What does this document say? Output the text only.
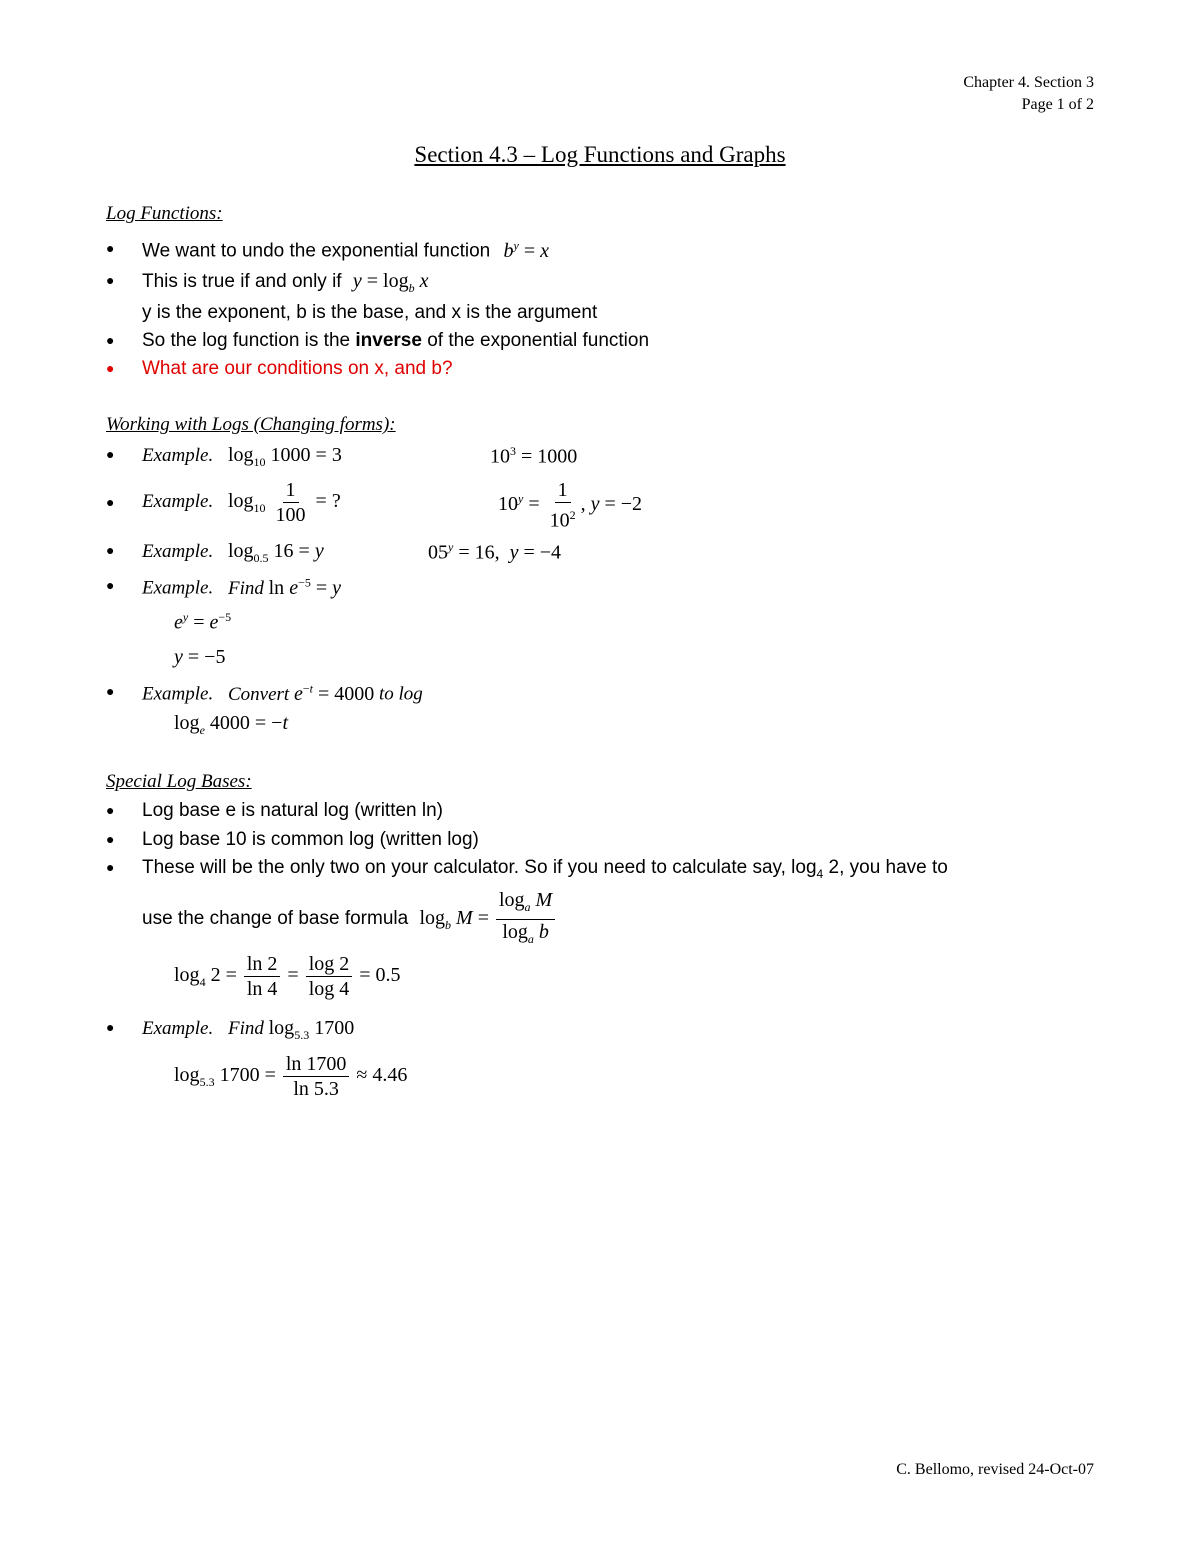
Chapter 4. Section 3
Page 1 of 2
Section 4.3 – Log Functions and Graphs
Log Functions:
● We want to undo the exponential function $b^y = x$
● This is true if and only if $y = \log_b x$
y is the exponent, b is the base, and x is the argument
● So the log function is the inverse of the exponential function
● What are our conditions on x, and b?
Working with Logs (Changing forms):
● Example. $\log_{10} 1000 = 3$	$10^3 = 1000$
● Example. $\log_{10} \frac{1}{100}$ = ?	$10^y = \frac{1}{10^2}$ , y = −2
● Example. $\log_{0.5} 16 = y$	$05^y = 16$,  y = −4
● Example. Find $\ln e^{-5} = y$
$e^y = e^{-5}$
y = −5
● Example. Convert $e^{-t} = 4000$ to log
$\log_e 4000 = -t$
Special Log Bases:
● Log base e is natural log (written ln)
● Log base 10 is common log (written log)
● These will be the only two on your calculator. So if you need to calculate say, $\log_4 2$, you have to
use the change of base formula $\log_b M = \frac{\log_a M}{\log_a b}$
$\log_4 2 = \frac{\ln 2}{\ln 4} = \frac{\log 2}{\log 4} = 0.5$
● Example. Find $\log_{5.3} 1700$
$\log_{5.3} 1700 = \frac{\ln 1700}{\ln 5.3} \approx 4.46$
C. Bellomo, revised 24-Oct-07
